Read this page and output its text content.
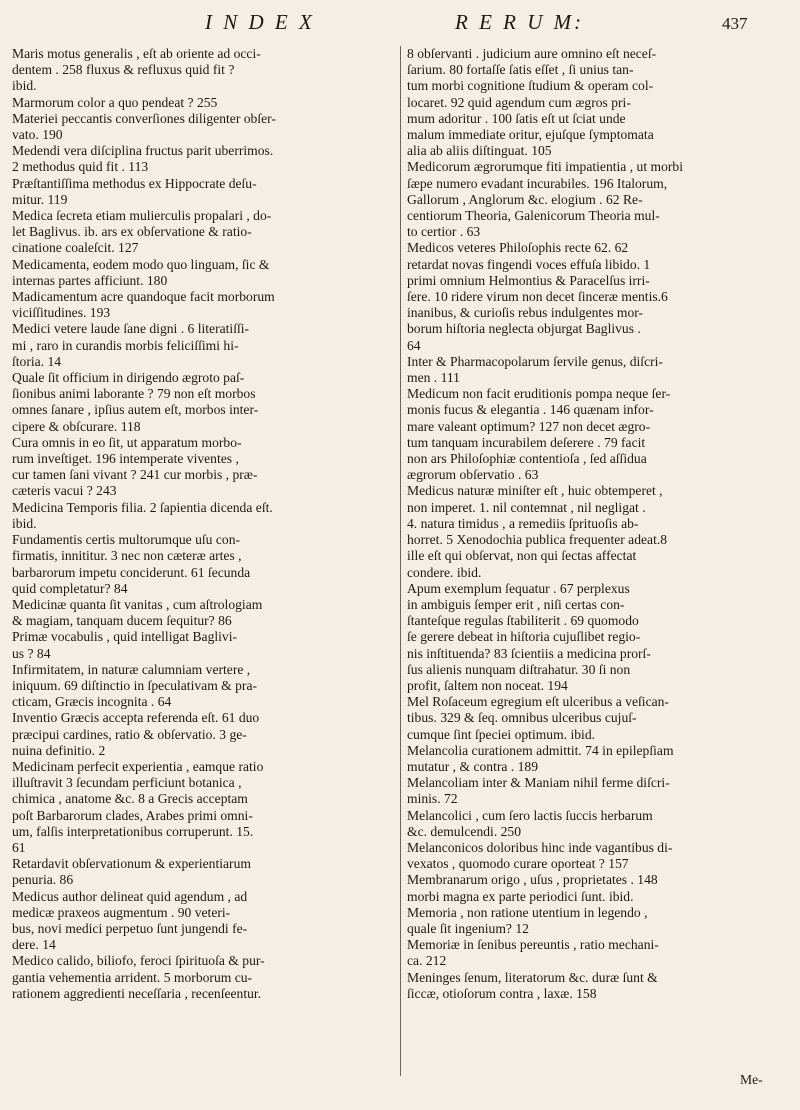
I N D E X	R E R U M:	437

Maris motus generalis , eſt ab oriente ad occi-
dentem . 258 fluxus & refluxus quid fit ?
ibid.

Marmorum color a quo pendeat ? 255

Materiei peccantis converſiones diligenter obſer-
vato. 190

Medendi vera diſciplina fructus parit uberrimos.
2 methodus quid fit . 113

Præſtantiſſima methodus ex Hippocrate deſu-
mitur. 119

Medica ſecreta etiam mulierculis propalari , do-
let Baglivus. ib. ars ex obſervatione & ratio-
cinatione coaleſcit. 127

Medicamenta, eodem modo quo linguam, ſic &
internas partes afficiunt. 180

Madicamentum acre quandoque facit morborum
viciſſitudines. 193

Medici vetere laude ſane digni . 6 literatiſſi-
mi , raro in curandis morbis feliciſſimi hi-
ſtoria. 14

Quale ſit officium in dirigendo ægroto paſ-
ſionibus animi laborante ? 79 non eſt morbos
omnes ſanare , ipſius autem eſt, morbos inter-
cipere & obſcurare. 118

Cura omnis in eo ſit, ut apparatum morbo-
rum inveſtiget. 196 intemperate viventes ,
cur tamen ſani vivant ? 241 cur morbis , præ-
cæteris vacui ? 243

Medicina Temporis filia. 2 ſapientia dicenda eſt.
ibid.

Fundamentis certis multorumque uſu con-
firmatis, innititur. 3 nec non cæteræ artes ,
barbarorum impetu conciderunt. 61 ſecunda
quid completatur? 84

Medicinæ quanta ſit vanitas , cum aſtrologiam
& magiam, tanquam ducem ſequitur? 86

Primæ vocabulis , quid intelligat Baglivi-
us ? 84

Infirmitatem, in naturæ calumniam vertere ,
iniquum. 69 diſtinctio in ſpeculativam & pra-
cticam, Græcis incognita . 64

Inventio Græcis accepta referenda eſt. 61 duo
præcipui cardines, ratio & obſervatio. 3 ge-
nuina definitio. 2

Medicinam perfecit experientia , eamque ratio
illuſtravit 3 ſecundam perficiunt botanica ,
chimica , anatome &c. 8 a Grecis acceptam
poſt Barbarorum clades, Arabes primi omni-
um, falſis interpretationibus corruperunt. 15.
61

Retardavit obſervationum & experientiarum
penuria. 86

Medicus author delineat quid agendum , ad
medicæ praxeos augmentum . 90 veteri-
bus, novi medici perpetuo ſunt jungendi fe-
dere. 14

Medico calido, biliofo, feroci ſpirituoſa & pur-
gantia vehementia arrident. 5 morborum cu-
rationem aggredienti neceſſaria , recenſeentur.

8 obſervanti . judicium aure omnino eſt neceſ-
ſarium. 80 fortaſſe ſatis eſſet , ſi unius tan-
tum morbi cognitione ſtudium & operam col-
locaret. 92 quid agendum cum ægros pri-
mum adoritur . 100 ſatis eſt ut ſciat unde
malum immediate oritur, ejuſque ſymptomata
alia ab aliis diſtinguat. 105

Medicorum ægrorumque fiti impatientia , ut morbi
ſæpe numero evadant incurabiles. 196 Italorum,
Gallorum , Anglorum &c. elogium . 62 Re-
centiorum Theoria, Galenicorum Theoria mul-
to certior . 63

Medicos veteres Philoſophis recte 62. 62
retardat novas fingendi voces effuſa libido. 1
primi omnium Helmontius & Paracelſus irri-
ſere. 10 ridere virum non decet ſinceræ mentis.6
inanibus, & curioſis rebus indulgentes mor-
borum hiſtoria neglecta objurgat Baglivus .
64

Inter & Pharmacopolarum ſervile genus, diſcri-
men . 111

Medicum non facit eruditionis pompa neque ſer-
monis fucus & elegantia . 146 quænam infor-
mare valeant optimum? 127 non decet ægro-
tum tanquam incurabilem deſerere . 79 facit
non ars Philoſophiæ contentioſa , ſed aſſidua
ægrorum obſervatio . 63

Medicus naturæ miniſter eſt , huic obtemperet ,
non imperet. 1. nil contemnat , nil negligat .
4. natura timidus , a remediis ſprituoſis ab-
horret. 5 Xenodochia publica frequenter adeat.8
ille eſt qui obſervat, non qui ſectas affectat
condere. ibid.

Apum exemplum ſequatur . 67 perplexus
in ambiguis ſemper erit , niſi certas con-
ſtanteſque regulas ſtabiliterit . 69 quomodo
ſe gerere debeat in hiſtoria cujuſlibet regio-
nis inſtituenda? 83 ſcientiis a medicina prorſ-
ſus alienis nunquam diſtrahatur. 30 ſi non
profit, ſaltem non noceat. 194

Mel Roſaceum egregium eſt ulceribus a veſican-
tibus. 329 & ſeq. omnibus ulceribus cujuſ-
cumque ſint ſpeciei optimum. ibid.

Melancolia curationem admittit. 74 in epilepſiam
mutatur , & contra . 189

Melancoliam inter & Maniam nihil ferme diſcri-
minis. 72

Melancolici , cum ſero lactis ſuccis herbarum
&c. demulcendi. 250

Melanconicos doloribus hinc inde vagantibus di-
vexatos , quomodo curare oporteat ? 157

Membranarum origo , uſus , proprietates . 148
morbi magna ex parte periodici ſunt. ibid.

Memoria , non ratione utentium in legendo ,
quale ſit ingenium? 12

Memoriæ in ſenibus pereuntis , ratio mechani-
ca. 212

Meninges ſenum, literatorum &c. duræ ſunt &
ſiccæ, otioſorum contra , laxæ. 158

Me-
